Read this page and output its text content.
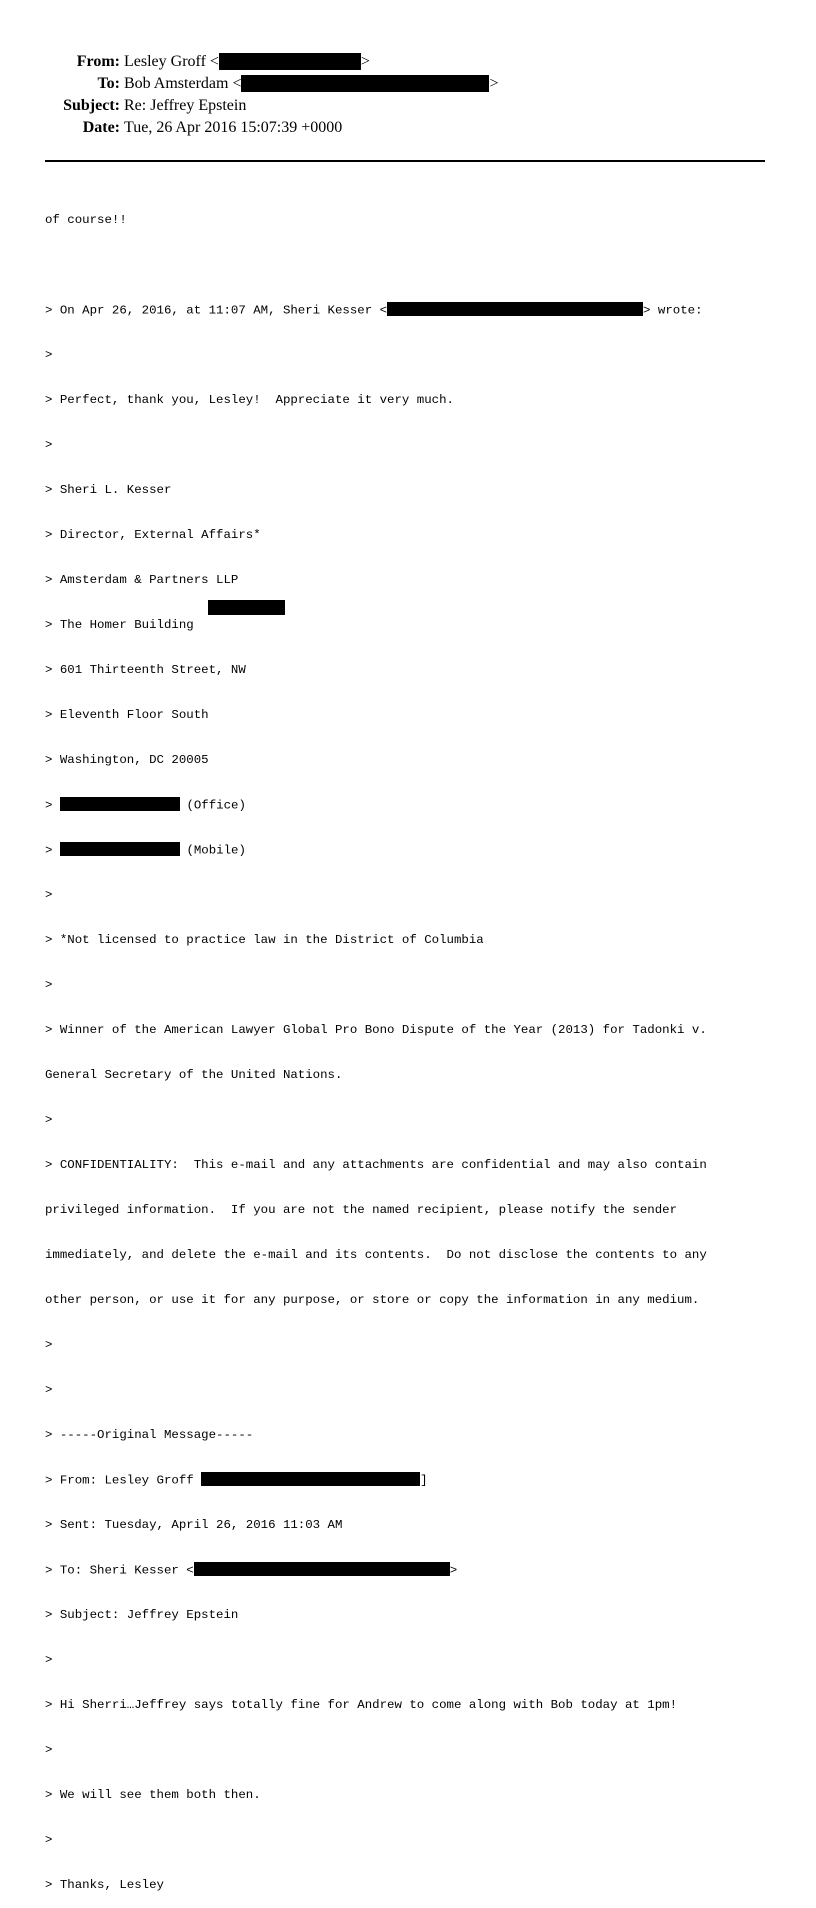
From: Lesley Groff <	>
To: Bob Amsterdam <	>
Subject: Re: Jeffrey Epstein
Date: Tue, 26 Apr 2016 15:07:39 +0000

of course!!

> On Apr 26, 2016, at 11:07 AM, Sheri Kesser <	> wrote:

>

> Perfect, thank you, Lesley!  Appreciate it very much.

>

> Sheri L. Kesser

> Director, External Affairs*

> Amsterdam & Partners LLP

> The Homer Building

> 601 Thirteenth Street, NW

> Eleventh Floor South

> Washington, DC 20005

>	(Office)

>	(Mobile)

>

> *Not licensed to practice law in the District of Columbia

>

> Winner of the American Lawyer Global Pro Bono Dispute of the Year (2013) for Tadonki v.

General Secretary of the United Nations.

>

> CONFIDENTIALITY:  This e-mail and any attachments are confidential and may also contain

privileged information.  If you are not the named recipient, please notify the sender

immediately, and delete the e-mail and its contents.  Do not disclose the contents to any

other person, or use it for any purpose, or store or copy the information in any medium.

>

>

> -----Original Message-----

> From: Lesley Groff	]

> Sent: Tuesday, April 26, 2016 11:03 AM

> To: Sheri Kesser <	>

> Subject: Jeffrey Epstein

>

> Hi Sherri…Jeffrey says totally fine for Andrew to come along with Bob today at 1pm!

>

> We will see them both then.

>

> Thanks, Lesley
